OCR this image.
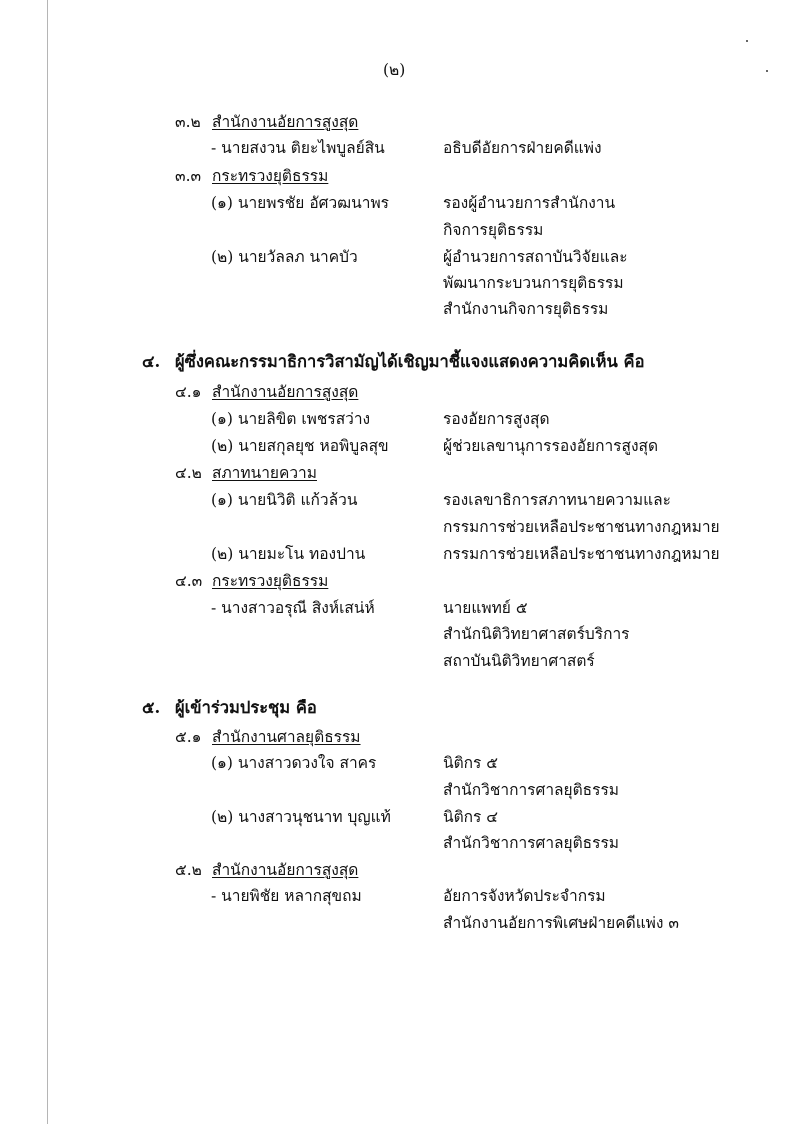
(๒)
๓.๒ สำนักงานอัยการสูงสุด
- นายสงวน ติยะไพบูลย์สิน	อธิบดีอัยการฝ่ายคดีแพ่ง
๓.๓ กระทรวงยุติธรรม
(๑) นายพรชัย อัศวฒนาพร	รองผู้อำนวยการสำนักงาน
กิจการยุติธรรม
(๒) นายวัลลภ นาคบัว	ผู้อำนวยการสถาบันวิจัยและ
พัฒนากระบวนการยุติธรรม
สำนักงานกิจการยุติธรรม
๔. ผู้ซึ่งคณะกรรมาธิการวิสามัญได้เชิญมาชี้แจงแสดงความคิดเห็น คือ
๔.๑ สำนักงานอัยการสูงสุด
(๑) นายลิขิต เพชรสว่าง	รองอัยการสูงสุด
(๒) นายสกุลยุช หอพิบูลสุข	ผู้ช่วยเลขานุการรองอัยการสูงสุด
๔.๒ สภาทนายความ
(๑) นายนิวิติ แก้วล้วน	รองเลขาธิการสภาทนายความและ
กรรมการช่วยเหลือประชาชนทางกฎหมาย
(๒) นายมะโน ทองปาน	กรรมการช่วยเหลือประชาชนทางกฎหมาย
๔.๓ กระทรวงยุติธรรม
- นางสาวอรุณี สิงห์เสน่ห์	นายแพทย์ ๕
สำนักนิติวิทยาศาสตร์บริการ
สถาบันนิติวิทยาศาสตร์
๕. ผู้เข้าร่วมประชุม คือ
๕.๑ สำนักงานศาลยุติธรรม
(๑) นางสาวดวงใจ สาคร	นิติกร ๕
สำนักวิชาการศาลยุติธรรม
(๒) นางสาวนุชนาท บุญแท้	นิติกร ๔
สำนักวิชาการศาลยุติธรรม
๕.๒ สำนักงานอัยการสูงสุด
- นายพิชัย หลากสุขถม	อัยการจังหวัดประจำกรม
สำนักงานอัยการพิเศษฝ่ายคดีแพ่ง ๓
